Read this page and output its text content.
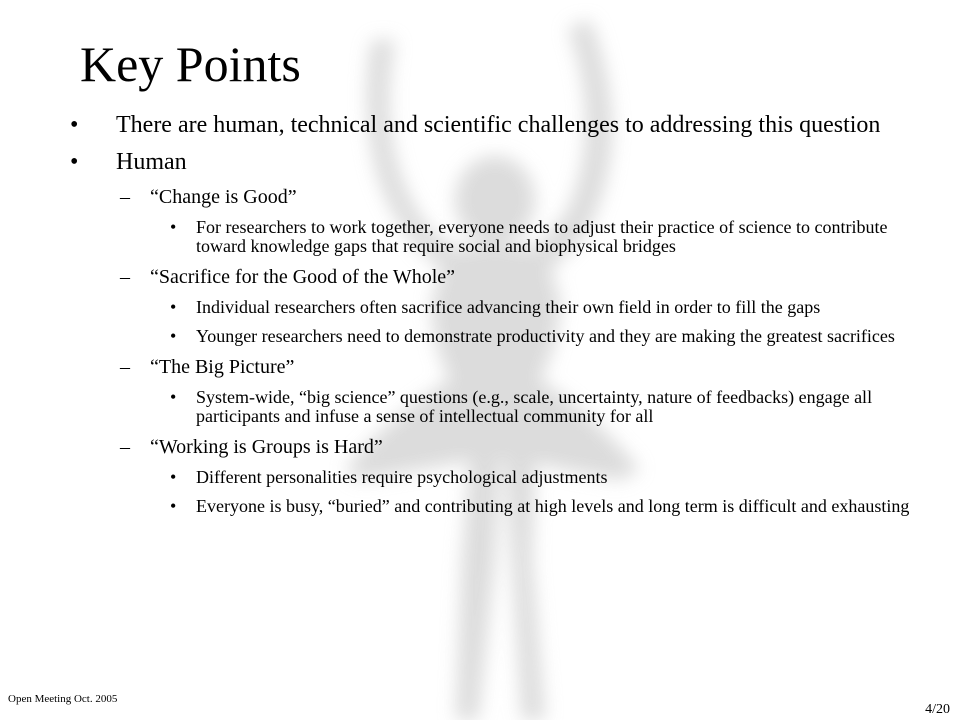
Key Points
• There are human, technical and scientific challenges to addressing this question
• Human
– “Change is Good”
• For researchers to work together, everyone needs to adjust their practice of science to contribute toward knowledge gaps that require social and biophysical bridges
– “Sacrifice for the Good of the Whole”
• Individual researchers often sacrifice advancing their own field in order to fill the gaps
• Younger researchers need to demonstrate productivity and they are making the greatest sacrifices
– “The Big Picture”
• System-wide, “big science” questions (e.g., scale, uncertainty, nature of feedbacks) engage all participants and infuse a sense of intellectual community for all
– “Working is Groups is Hard”
• Different personalities require psychological adjustments
• Everyone is busy, “buried” and contributing at high levels and long term is difficult and exhausting
Open Meeting Oct. 2005
4/20
